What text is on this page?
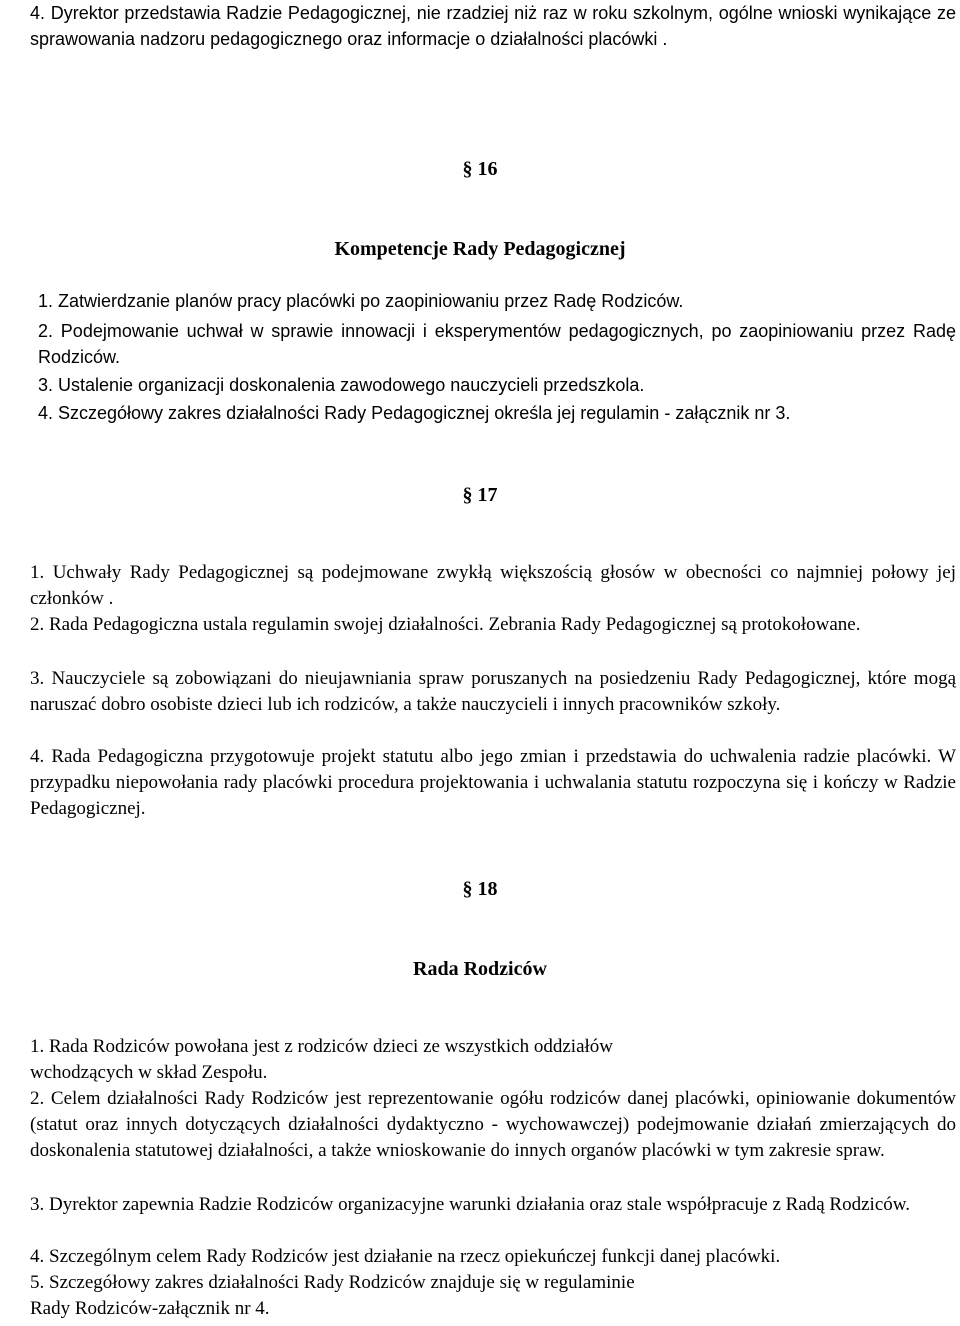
4. Dyrektor przedstawia Radzie Pedagogicznej, nie rzadziej niż raz w roku szkolnym, ogólne wnioski wynikające ze sprawowania nadzoru pedagogicznego oraz informacje o działalności placówki .

§ 16
Kompetencje Rady Pedagogicznej

1. Zatwierdzanie planów pracy placówki po zaopiniowaniu przez Radę Rodziców.

2. Podejmowanie uchwał w sprawie innowacji i eksperymentów pedagogicznych, po zaopiniowaniu przez Radę Rodziców.

3. Ustalenie organizacji doskonalenia zawodowego nauczycieli przedszkola.

4. Szczegółowy zakres działalności Rady Pedagogicznej określa jej regulamin - załącznik nr 3.

§ 17

1. Uchwały Rady Pedagogicznej są podejmowane zwykłą większością głosów w obecności co najmniej połowy jej członków .

2. Rada Pedagogiczna ustala regulamin swojej działalności. Zebrania Rady Pedagogicznej są protokołowane.

3. Nauczyciele są zobowiązani do nieujawniania spraw poruszanych na posiedzeniu Rady Pedagogicznej, które mogą naruszać dobro osobiste dzieci lub ich rodziców, a także nauczycieli i innych pracowników szkoły.

4. Rada Pedagogiczna przygotowuje projekt statutu albo jego zmian i przedstawia do uchwalenia radzie placówki. W przypadku niepowołania rady placówki procedura projektowania i uchwalania statutu rozpoczyna się i kończy w Radzie Pedagogicznej.

§ 18
Rada Rodziców

1. Rada Rodziców powołana jest z rodziców dzieci ze wszystkich oddziałów

wchodzących w skład Zespołu.

2. Celem działalności Rady Rodziców jest reprezentowanie ogółu rodziców danej placówki, opiniowanie dokumentów (statut oraz innych dotyczących działalności dydaktyczno - wychowawczej) podejmowanie działań zmierzających do doskonalenia statutowej działalności, a także wnioskowanie do innych organów placówki w tym zakresie spraw.

3. Dyrektor zapewnia Radzie Rodziców organizacyjne warunki działania oraz stale współpracuje z Radą Rodziców.

4. Szczególnym celem Rady Rodziców jest działanie na rzecz opiekuńczej funkcji danej placówki.

5. Szczegółowy zakres działalności Rady Rodziców znajduje się w regulaminie

Rady Rodziców-załącznik nr 4.
